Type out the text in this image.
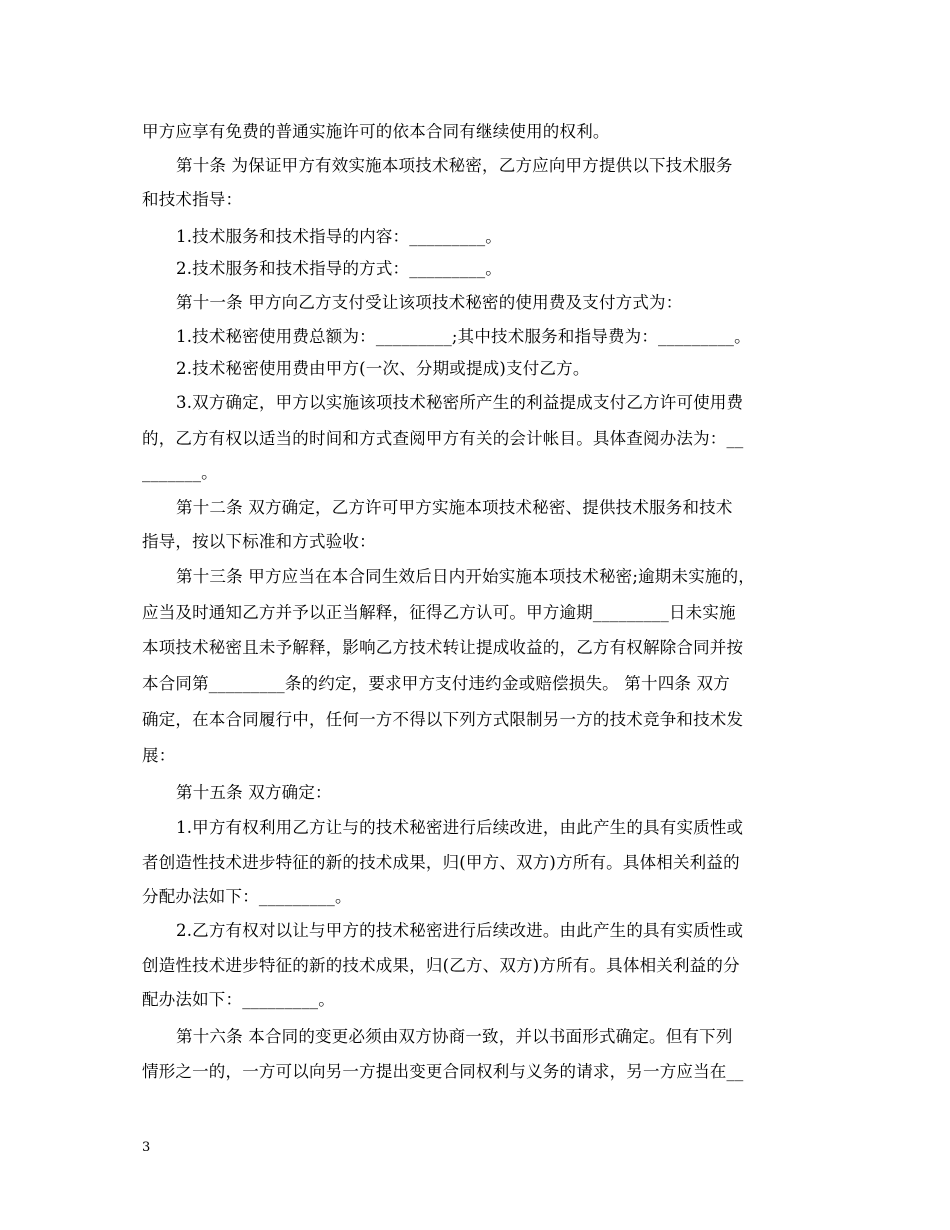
甲方应享有免费的普通实施许可的依本合同有继续使用的权利。
第十条 为保证甲方有效实施本项技术秘密，乙方应向甲方提供以下技术服务
和技术指导：
1.技术服务和技术指导的内容：_________。
2.技术服务和技术指导的方式：_________。
第十一条 甲方向乙方支付受让该项技术秘密的使用费及支付方式为：
1.技术秘密使用费总额为：_________;其中技术服务和指导费为：_________。
2.技术秘密使用费由甲方(一次、分期或提成)支付乙方。
3.双方确定，甲方以实施该项技术秘密所产生的利益提成支付乙方许可使用费
的，乙方有权以适当的时间和方式查阅甲方有关的会计帐目。具体查阅办法为：__
_______。
第十二条 双方确定，乙方许可甲方实施本项技术秘密、提供技术服务和技术
指导，按以下标准和方式验收：
第十三条 甲方应当在本合同生效后日内开始实施本项技术秘密;逾期未实施的，
应当及时通知乙方并予以正当解释，征得乙方认可。甲方逾期_________日未实施
本项技术秘密且未予解释，影响乙方技术转让提成收益的，乙方有权解除合同并按
本合同第_________条的约定，要求甲方支付违约金或赔偿损失。 第十四条 双方
确定，在本合同履行中，任何一方不得以下列方式限制另一方的技术竞争和技术发
展：
第十五条 双方确定：
1.甲方有权利用乙方让与的技术秘密进行后续改进，由此产生的具有实质性或
者创造性技术进步特征的新的技术成果，归(甲方、双方)方所有。具体相关利益的
分配办法如下：_________。
2.乙方有权对以让与甲方的技术秘密进行后续改进。由此产生的具有实质性或
创造性技术进步特征的新的技术成果，归(乙方、双方)方所有。具体相关利益的分
配办法如下：_________。
第十六条 本合同的变更必须由双方协商一致，并以书面形式确定。但有下列
情形之一的，一方可以向另一方提出变更合同权利与义务的请求，另一方应当在__
3
